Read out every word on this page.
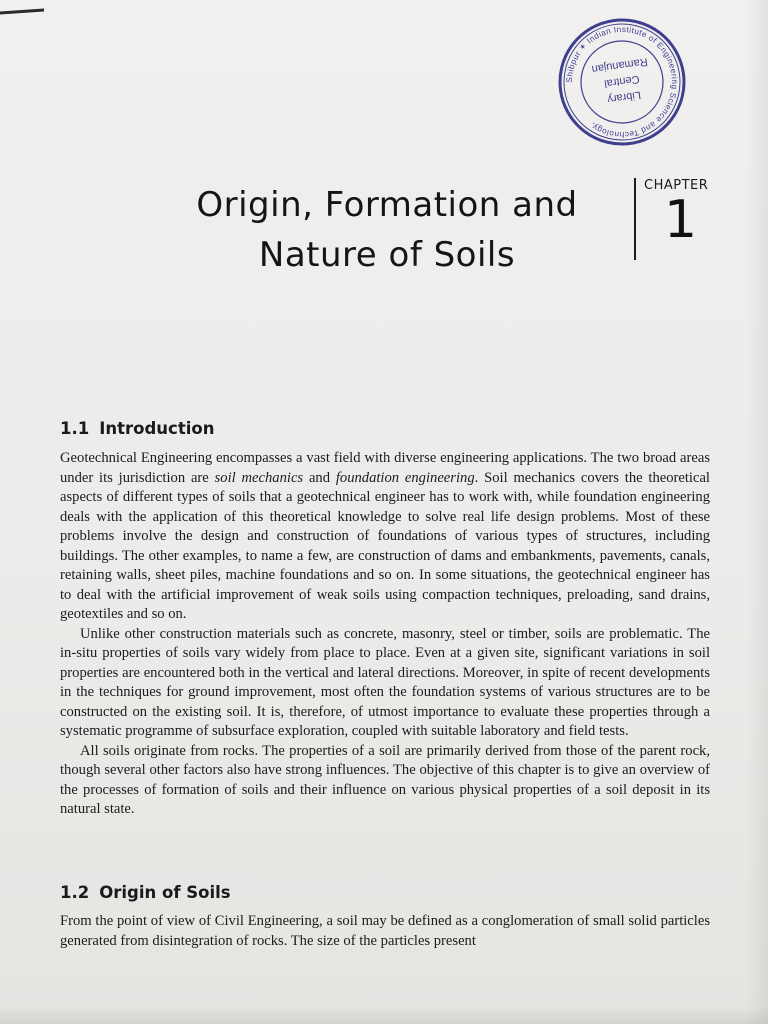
Shibpur ✶ Indian Institute of Engineering Science and Technology,
Library
Central
Ramanujan
Origin, Formation and
Nature of Soils
CHAPTER
1
1.1 Introduction

Geotechnical Engineering encompasses a vast field with diverse engineering applications. The two broad areas under its jurisdiction are soil mechanics and foundation engineering. Soil mechanics covers the theoretical aspects of different types of soils that a geotechnical engineer has to work with, while foundation engineering deals with the application of this theoretical knowledge to solve real life design problems. Most of these problems involve the design and construction of foundations of various types of structures, including buildings. The other examples, to name a few, are construction of dams and embankments, pavements, canals, retaining walls, sheet piles, machine foundations and so on. In some situations, the geotechnical engineer has to deal with the artificial improvement of weak soils using compaction techniques, preloading, sand drains, geotextiles and so on.

Unlike other construction materials such as concrete, masonry, steel or timber, soils are problematic. The in-situ properties of soils vary widely from place to place. Even at a given site, significant variations in soil properties are encountered both in the vertical and lateral directions. Moreover, in spite of recent developments in the techniques for ground improvement, most often the foundation systems of various structures are to be constructed on the existing soil. It is, therefore, of utmost importance to evaluate these properties through a systematic programme of subsurface exploration, coupled with suitable laboratory and field tests.

All soils originate from rocks. The properties of a soil are primarily derived from those of the parent rock, though several other factors also have strong influences. The objective of this chapter is to give an overview of the processes of formation of soils and their influence on various physical properties of a soil deposit in its natural state.

1.2 Origin of Soils

From the point of view of Civil Engineering, a soil may be defined as a conglomeration of small solid particles generated from disintegration of rocks. The size of the particles present
